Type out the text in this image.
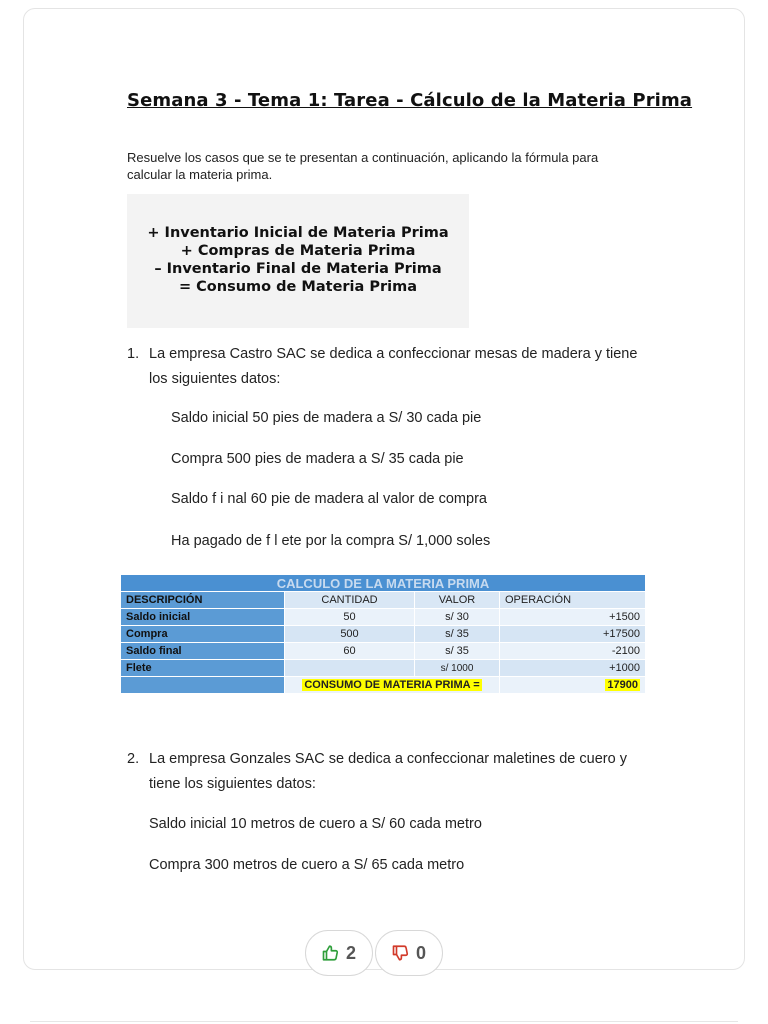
Semana 3 - Tema 1: Tarea - Cálculo de la Materia Prima

Resuelve los casos que se te presentan a continuación, aplicando la fórmula para calcular la materia prima.

+ Inventario Inicial de Materia Prima
+ Compras de Materia Prima
– Inventario Final de Materia Prima
= Consumo de Materia Prima
1. La empresa Castro SAC se dedica a confeccionar mesas de madera y tiene los siguientes datos:
Saldo inicial 50 pies de madera a S/ 30 cada pie
Compra 500 pies de madera a S/ 35 cada pie
Saldo f i nal 60 pie de madera al valor de compra
Ha pagado de f l ete por la compra S/ 1,000 soles
CALCULO DE LA MATERIA PRIMA			
DESCRIPCIÓN	CANTIDAD	VALOR	OPERACIÓN
Saldo inicial	50	s/ 30	+1500
Compra	500	s/ 35	+17500
Saldo final	60	s/ 35	-2100
Flete		s/ 1000	+1000
	CONSUMO DE MATERIA PRIMA =		17900
2. La empresa Gonzales SAC se dedica a confeccionar maletines de cuero y tiene los siguientes datos:
Saldo inicial 10 metros de cuero a S/ 60 cada metro
Compra 300 metros de cuero a S/ 65 cada metro
2	0
